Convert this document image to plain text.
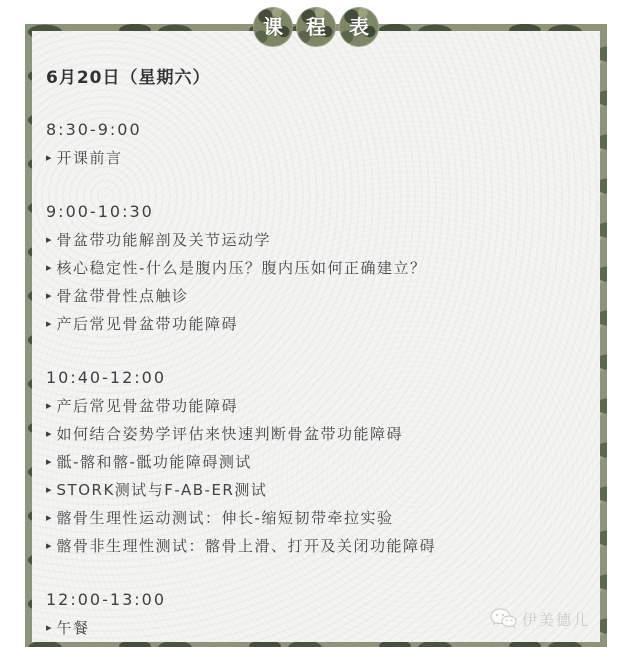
课 程 表
6月20日（星期六）
8:30-9:00
▸ 开课前言
9:00-10:30
▸ 骨盆带功能解剖及关节运动学
▸ 核心稳定性-什么是腹内压？腹内压如何正确建立？
▸ 骨盆带骨性点触诊
▸ 产后常见骨盆带功能障碍
10:40-12:00
▸ 产后常见骨盆带功能障碍
▸ 如何结合姿势学评估来快速判断骨盆带功能障碍
▸ 骶-髂和髂-骶功能障碍测试
▸ STORK测试与F-AB-ER测试
▸ 髂骨生理性运动测试：伸长-缩短韧带牵拉实验
▸ 髂骨非生理性测试：髂骨上滑、打开及关闭功能障碍
12:00-13:00
▸ 午餐	伊美德儿
